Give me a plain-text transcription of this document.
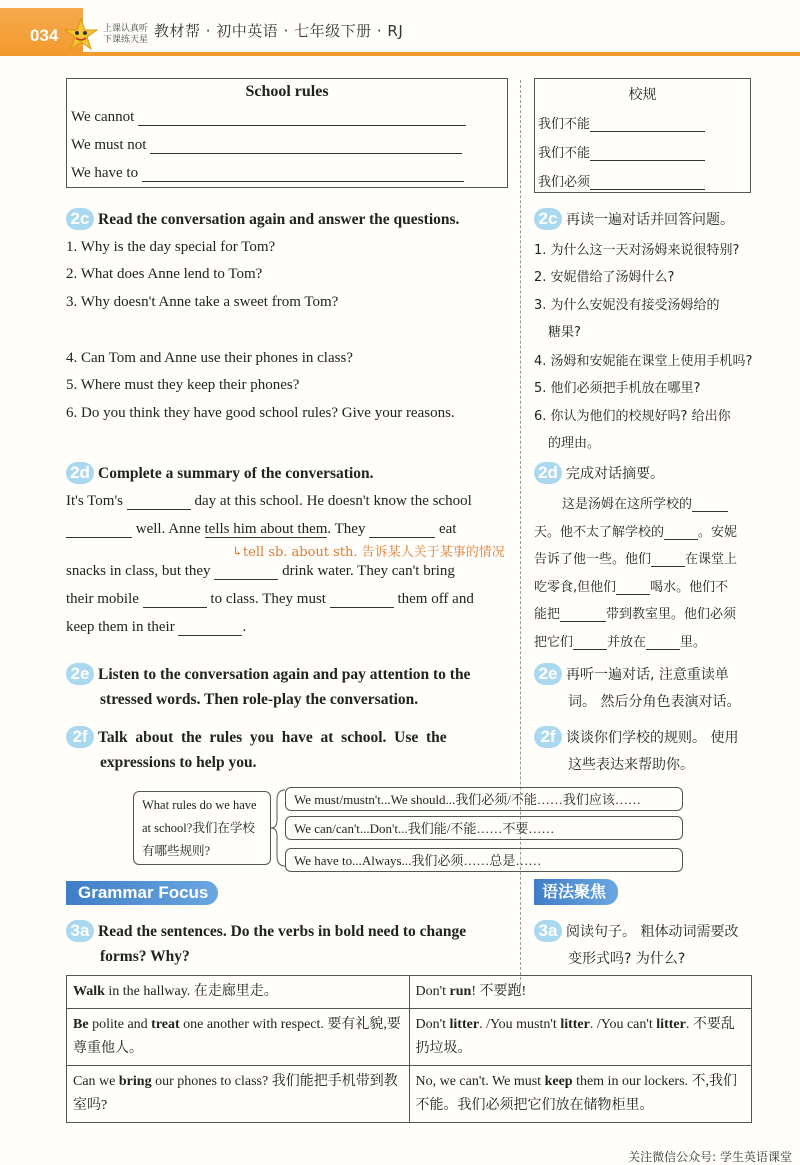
034	上课认真听
下课练天星 教材帮 · 初中英语 · 七年级下册 · RJ
School rules
We cannot
We must not
We have to
校规
我们不能
我们不能
我们必须
2c Read the conversation again and answer the questions.
1. Why is the day special for Tom?
2. What does Anne lend to Tom?
3. Why doesn't Anne take a sweet from Tom?
4. Can Tom and Anne use their phones in class?
5. Where must they keep their phones?
6. Do you think they have good school rules? Give your reasons.
2c 再读一遍对话并回答问题。
1. 为什么这一天对汤姆来说很特别?
2. 安妮借给了汤姆什么?
3. 为什么安妮没有接受汤姆给的
糖果?
4. 汤姆和安妮能在课堂上使用手机吗?
5. 他们必须把手机放在哪里?
6. 你认为他们的校规好吗? 给出你
的理由。
2d Complete a summary of the conversation.
It's Tom's	day at this school. He doesn't know the school
well. Anne tells him about them. They	eat
↳tell sb. about sth. 告诉某人关于某事的情况
snacks in class, but they	drink water. They can't bring
their mobile	to class. They must	them off and
keep them in their	.
2d 完成对话摘要。
这是汤姆在这所学校的
天。他不太了解学校的	。安妮
告诉了他一些。他们	在课堂上
吃零食,但他们	喝水。他们不
能把	带到教室里。他们必须
把它们	并放在	里。
2e Listen to the conversation again and pay attention to the
stressed words. Then role-play the conversation.
2e 再听一遍对话, 注意重读单
词。 然后分角色表演对话。
2f Talk  about  the  rules  you  have  at  school.  Use  the
expressions to help you.
2f 谈谈你们学校的规则。 使用
这些表达来帮助你。
What rules do we have
at school?我们在学校
有哪些规则?
We must/mustn't...We should...我们必须/不能……我们应该……
We can/can't...Don't...我们能/不能……不要……
We have to...Always...我们必须……总是……
Grammar Focus	语法聚焦
3a Read the sentences. Do the verbs in bold need to change
forms? Why?
3a 阅读句子。 粗体动词需要改
变形式吗? 为什么?
Walk in the hallway. 在走廊里走。	Don't run! 不要跑!
Be polite and treat one another with respect. 要有礼貌,要尊重他人。	Don't litter. /You mustn't litter. /You can't litter. 不要乱扔垃圾。
Can we bring our phones to class? 我们能把手机带到教室吗?	No, we can't. We must keep them in our lockers. 不,我们不能。我们必须把它们放在储物柜里。
关注微信公众号: 学生英语课堂
